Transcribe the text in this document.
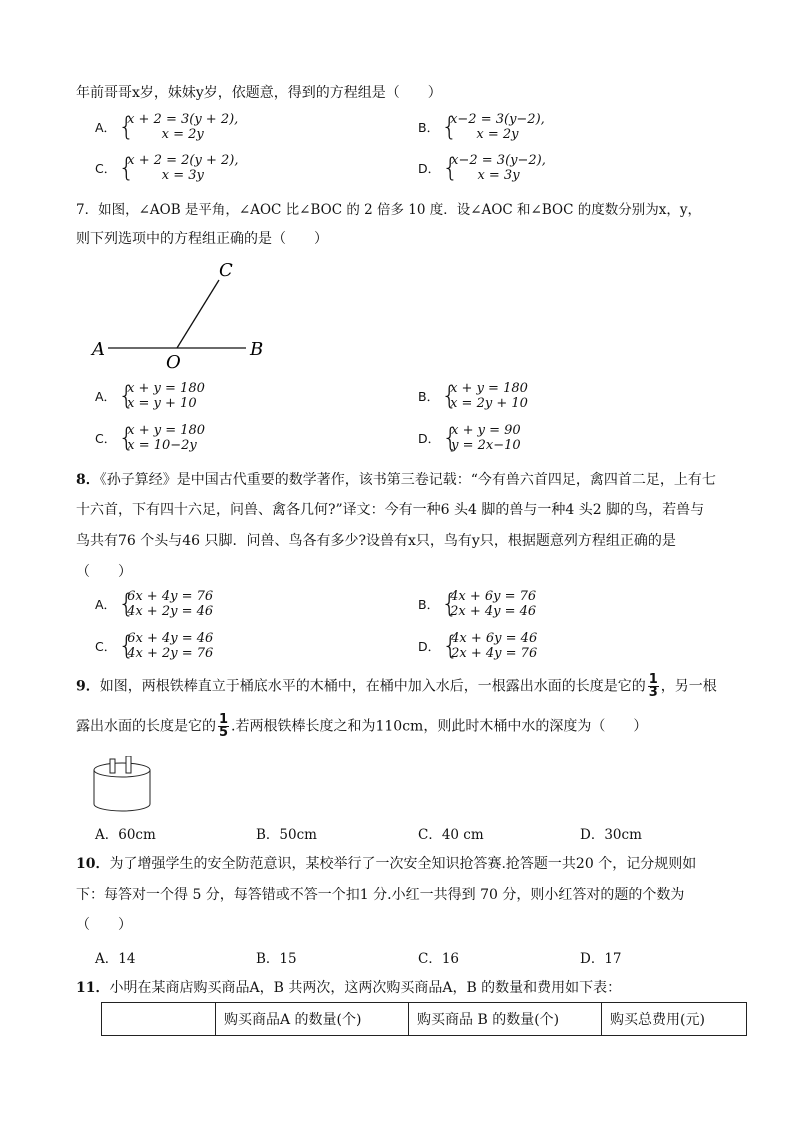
年前哥哥x岁，妹妹y岁，依题意，得到的方程组是（　　）
A． {
x + 2 = 3(y + 2),
x = 2y	B． {
x−2 = 3(y−2),
x = 2y
C． {
x + 2 = 2(y + 2),
x = 3y	D． {
x−2 = 3(y−2),
x = 3y
7．如图，∠AOB 是平角，∠AOC 比∠BOC 的 2 倍多 10 度．设∠AOC 和∠BOC 的度数分别为x，y，
则下列选项中的方程组正确的是（　　）
A
O
B
C
A． {
x + y = 180
x = y + 10	B． {
x + y = 180
x = 2y + 10
C． {
x + y = 180
x = 10−2y	D． {
x + y = 90
y = 2x−10
8．《孙子算经》是中国古代重要的数学著作，该书第三卷记载：“今有兽六首四足，禽四首二足，上有七
十六首，下有四十六足，问兽、禽各几何?”译文：今有一种6 头4 脚的兽与一种4 头2 脚的鸟，若兽与
鸟共有76 个头与46 只脚．问兽、鸟各有多少?设兽有x只，鸟有y只，根据题意列方程组正确的是
（　　）
A． {
6x + 4y = 76
4x + 2y = 46	B． {
4x + 6y = 76
2x + 4y = 46
C． {
6x + 4y = 46
4x + 2y = 76	D． {
4x + 6y = 46
2x + 4y = 76
9．如图，两根铁棒直立于桶底水平的木桶中，在桶中加入水后，一根露出水面的长度是它的 $\frac{1}{3}$ ，另一根
露出水面的长度是它的 $\frac{1}{5}$ .若两根铁棒长度之和为110cm，则此时木桶中水的深度为（　　）
A．60cm	B．50cm	C．40 cm	D．30cm
10．为了增强学生的安全防范意识，某校举行了一次安全知识抢答赛.抢答题一共20 个，记分规则如
下：每答对一个得 5 分，每答错或不答一个扣1 分.小红一共得到 70 分，则小红答对的题的个数为
（　　）
A．14	B．15	C．16	D．17
11．小明在某商店购买商品A，B 共两次，这两次购买商品A，B 的数量和费用如下表：
	购买商品A 的数量(个)	购买商品 B 的数量(个)	购买总费用(元)
